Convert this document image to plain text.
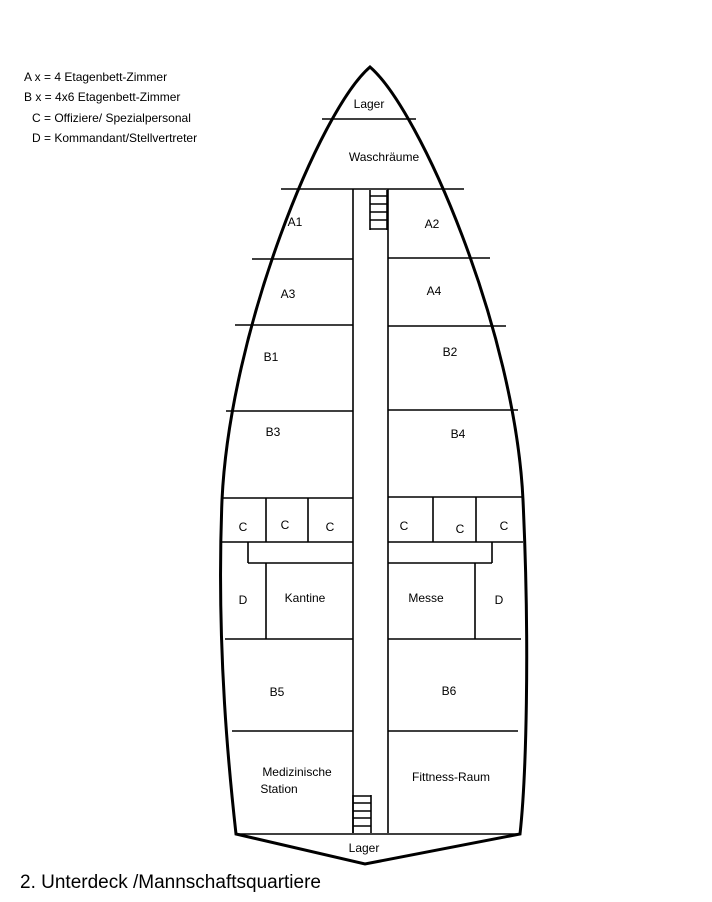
A x = 4 Etagenbett-Zimmer
B x = 4x6 Etagenbett-Zimmer
C = Offiziere/ Spezialpersonal
D = Kommandant/Stellvertreter
Lager
Waschräume
A1	A2
A3	A4
B1	B2
B3	B4
C	C	C	C	C	C
D	Kantine	Messe	D
B5	B6
Medizinische
Station
Fittness-Raum
Lager
2. Unterdeck /Mannschaftsquartiere
